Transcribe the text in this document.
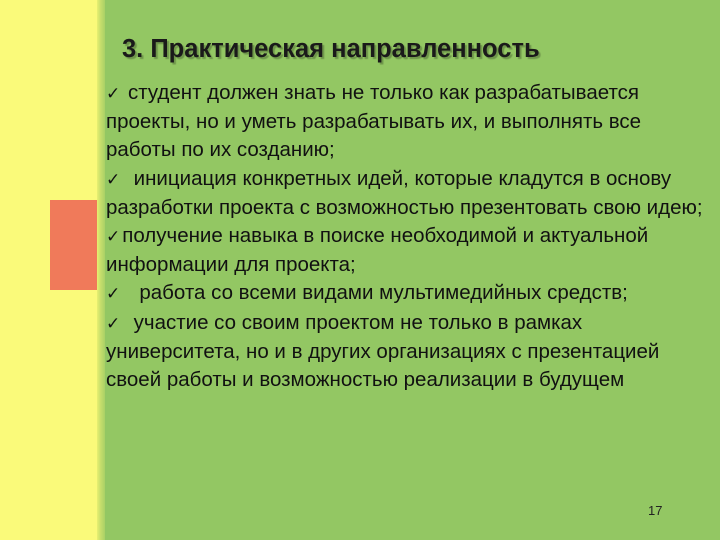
3. Практическая направленность

✓ студент должен знать не только как разрабатывается проекты, но и уметь разрабатывать их, и выполнять все работы по их созданию;

✓ инициация конкретных идей, которые кладутся в основу разработки проекта с возможностью презентовать свою идею;

✓получение навыка в поиске необходимой и актуальной информации для проекта;

✓ работа со всеми видами мультимедийных средств;

✓ участие со своим проектом не только в рамках университета, но и в других организациях с презентацией своей работы и возможностью реализации в будущем

17
